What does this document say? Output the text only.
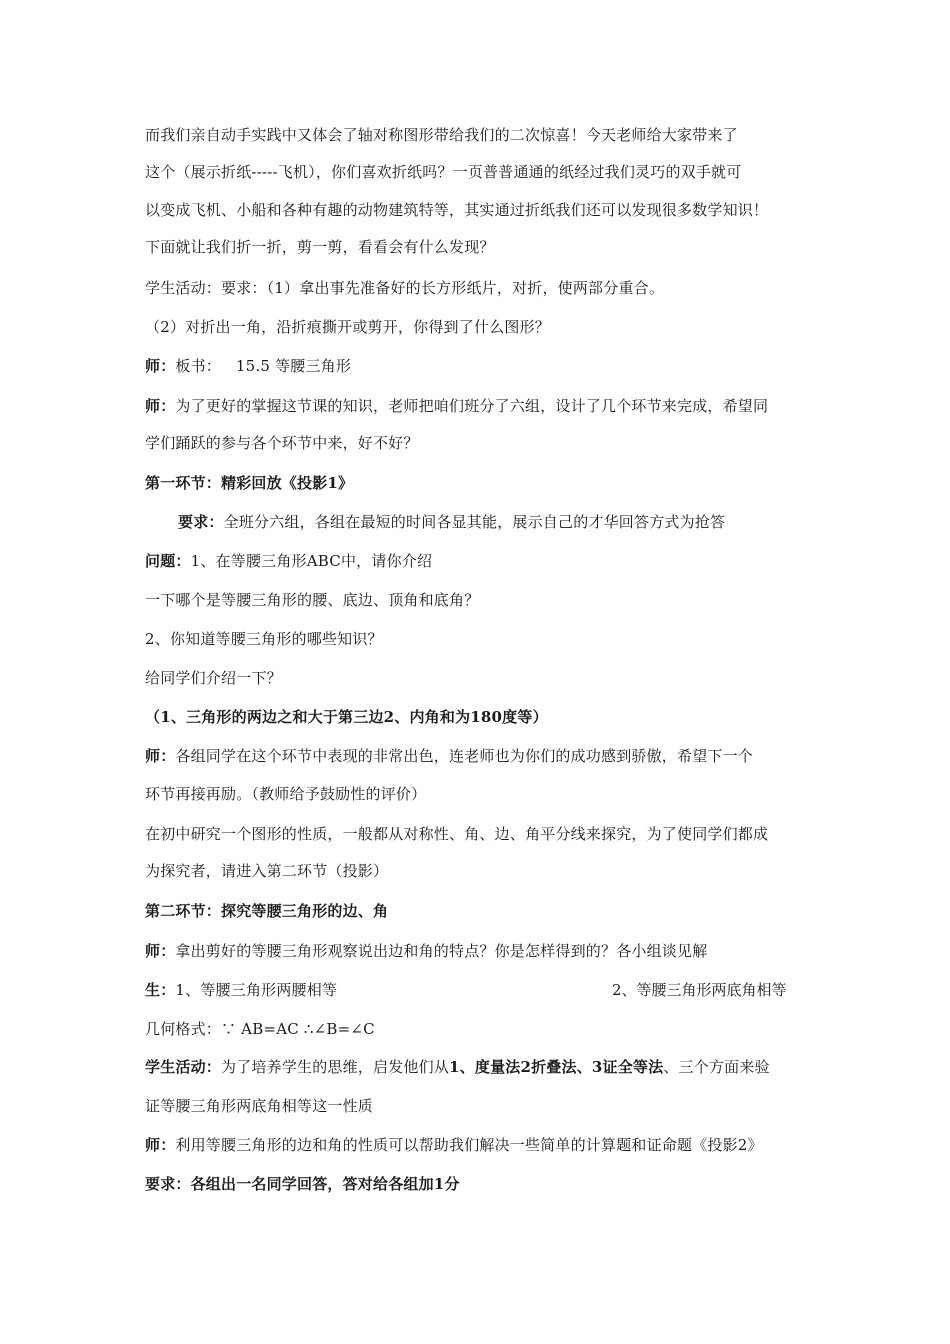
而我们亲自动手实践中又体会了轴对称图形带给我们的二次惊喜！今天老师给大家带来了
这个（展示折纸-----飞机），你们喜欢折纸吗？一页普普通通的纸经过我们灵巧的双手就可
以变成飞机、小船和各种有趣的动物建筑特等，其实通过折纸我们还可以发现很多数学知识！
下面就让我们折一折，剪一剪，看看会有什么发现？
学生活动：要求：（1）拿出事先准备好的长方形纸片，对折，使两部分重合。
（2）对折出一角，沿折痕撕开或剪开，你得到了什么图形？
师：板书：   15.5 等腰三角形
师：为了更好的掌握这节课的知识，老师把咱们班分了六组，设计了几个环节来完成，希望同
学们踊跃的参与各个环节中来，好不好？
第一环节：精彩回放《投影1》
要求：全班分六组，各组在最短的时间各显其能，展示自己的才华回答方式为抢答
问题：1、在等腰三角形ABC中，请你介绍
一下哪个是等腰三角形的腰、底边、顶角和底角？
2、你知道等腰三角形的哪些知识？
给同学们介绍一下？
（1、三角形的两边之和大于第三边2、内角和为180度等）
师：各组同学在这个环节中表现的非常出色，连老师也为你们的成功感到骄傲，希望下一个
环节再接再励。（教师给予鼓励性的评价）
在初中研究一个图形的性质，一般都从对称性、角、边、角平分线来探究，为了使同学们都成
为探究者，请进入第二环节（投影）
第二环节：探究等腰三角形的边、角
师：拿出剪好的等腰三角形观察说出边和角的特点？你是怎样得到的？各小组谈见解
生：1、等腰三角形两腰相等	2、等腰三角形两底角相等
几何格式：∵ AB=AC ∴∠B=∠C
学生活动：为了培养学生的思维，启发他们从1、度量法2折叠法、3证全等法、三个方面来验
证等腰三角形两底角相等这一性质
师：利用等腰三角形的边和角的性质可以帮助我们解决一些简单的计算题和证命题《投影2》
要求：各组出一名同学回答，答对给各组加1分
